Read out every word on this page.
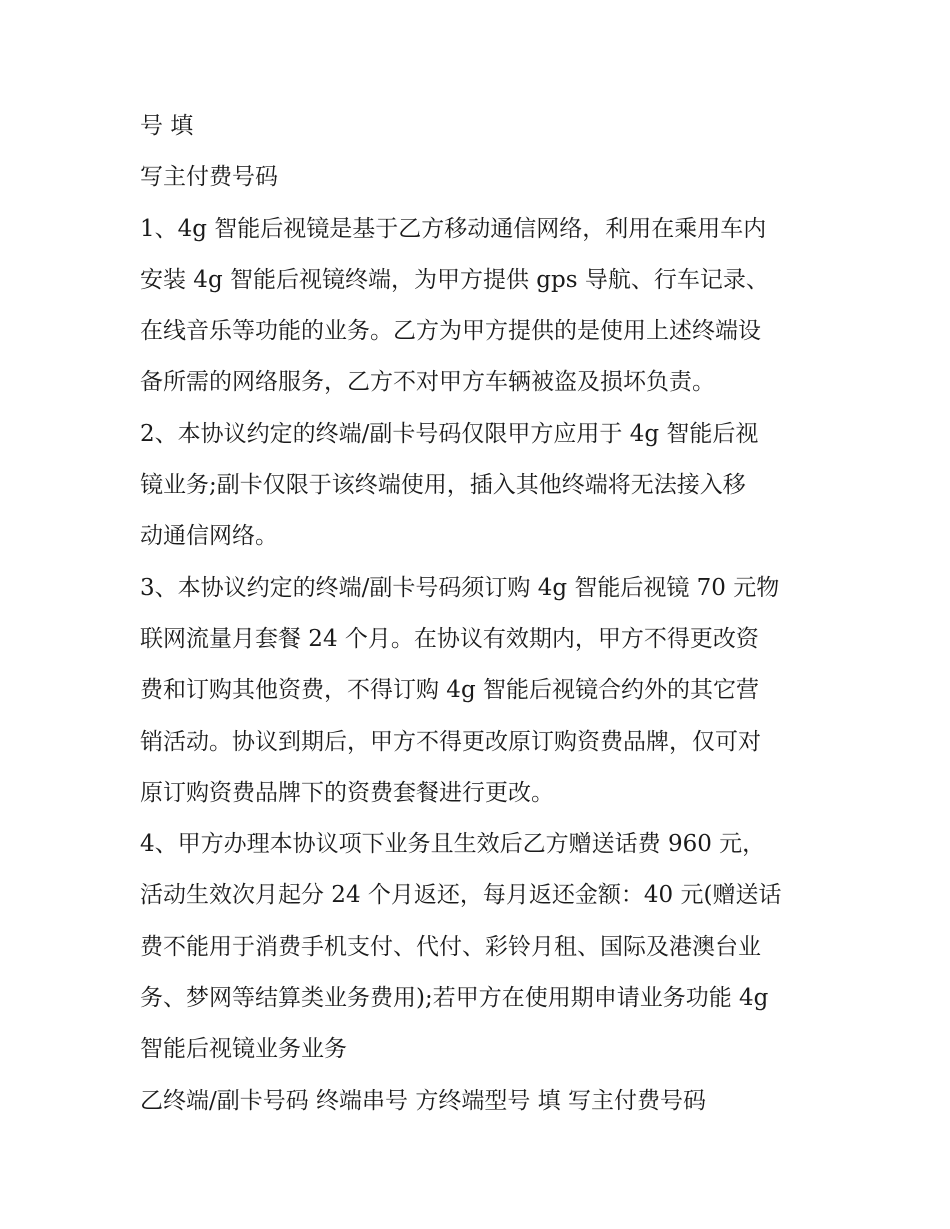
号 填
写主付费号码
1、4g 智能后视镜是基于乙方移动通信网络，利用在乘用车内
安装 4g 智能后视镜终端，为甲方提供 gps 导航、行车记录、
在线音乐等功能的业务。乙方为甲方提供的是使用上述终端设
备所需的网络服务，乙方不对甲方车辆被盗及损坏负责。
2、本协议约定的终端/副卡号码仅限甲方应用于 4g 智能后视
镜业务;副卡仅限于该终端使用，插入其他终端将无法接入移
动通信网络。
3、本协议约定的终端/副卡号码须订购 4g 智能后视镜 70 元物
联网流量月套餐 24 个月。在协议有效期内，甲方不得更改资
费和订购其他资费，不得订购 4g 智能后视镜合约外的其它营
销活动。协议到期后，甲方不得更改原订购资费品牌，仅可对
原订购资费品牌下的资费套餐进行更改。
4、甲方办理本协议项下业务且生效后乙方赠送话费 960 元，
活动生效次月起分 24 个月返还，每月返还金额：40 元(赠送话
费不能用于消费手机支付、代付、彩铃月租、国际及港澳台业
务、梦网等结算类业务费用);若甲方在使用期申请业务功能 4g
智能后视镜业务业务
乙终端/副卡号码 终端串号 方终端型号 填 写主付费号码
